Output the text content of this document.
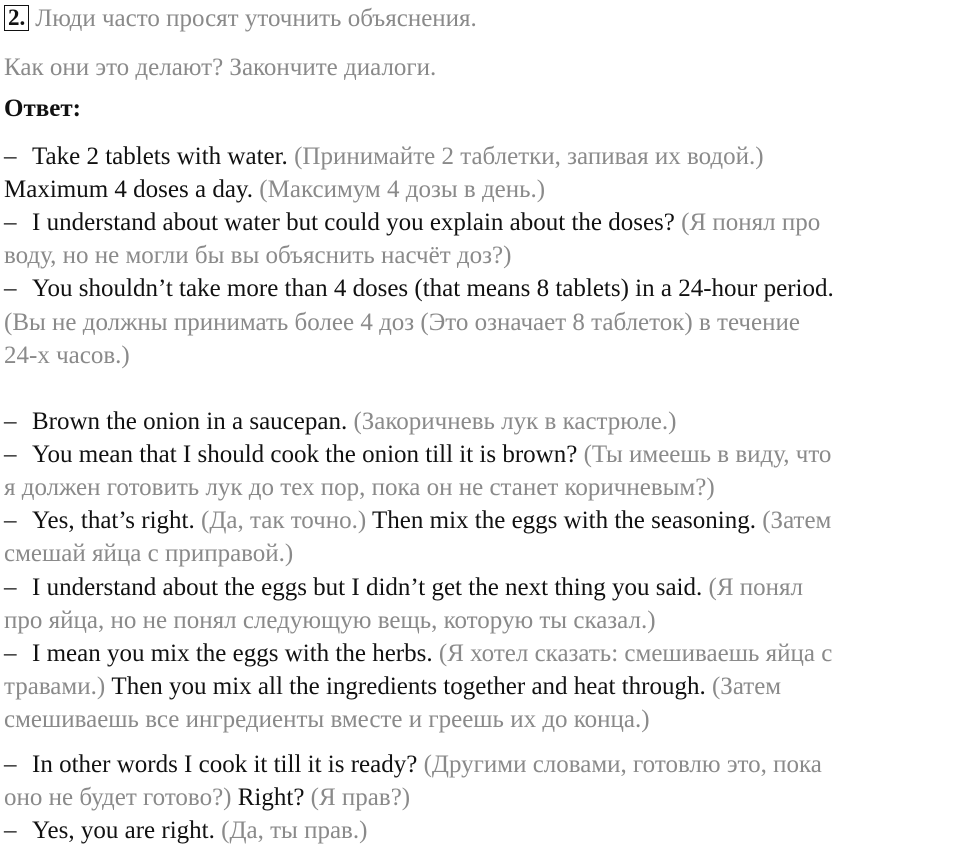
2. Люди часто просят уточнить объяснения.
Как они это делают? Закончите диалоги.
Ответ:
– Take 2 tablets with water. (Принимайте 2 таблетки, запивая их водой.)
Maximum 4 doses a day. (Максимум 4 дозы в день.)
– I understand about water but could you explain about the doses? (Я понял про
воду, но не могли бы вы объяснить насчёт доз?)
– You shouldn’t take more than 4 doses (that means 8 tablets) in a 24-hour period.
(Вы не должны принимать более 4 доз (Это означает 8 таблеток) в течение
24-х часов.)
– Brown the onion in a saucepan. (Закоричневь лук в кастрюле.)
– You mean that I should cook the onion till it is brown? (Ты имеешь в виду, что
я должен готовить лук до тех пор, пока он не станет коричневым?)
– Yes, that’s right. (Да, так точно.) Then mix the eggs with the seasoning. (Затем
смешай яйца с приправой.)
– I understand about the eggs but I didn’t get the next thing you said. (Я понял
про яйца, но не понял следующую вещь, которую ты сказал.)
– I mean you mix the eggs with the herbs. (Я хотел сказать: смешиваешь яйца с
травами.) Then you mix all the ingredients together and heat through. (Затем
смешиваешь все ингредиенты вместе и греешь их до конца.)
– In other words I cook it till it is ready? (Другими словами, готовлю это, пока
оно не будет готово?) Right? (Я прав?)
– Yes, you are right. (Да, ты прав.)
